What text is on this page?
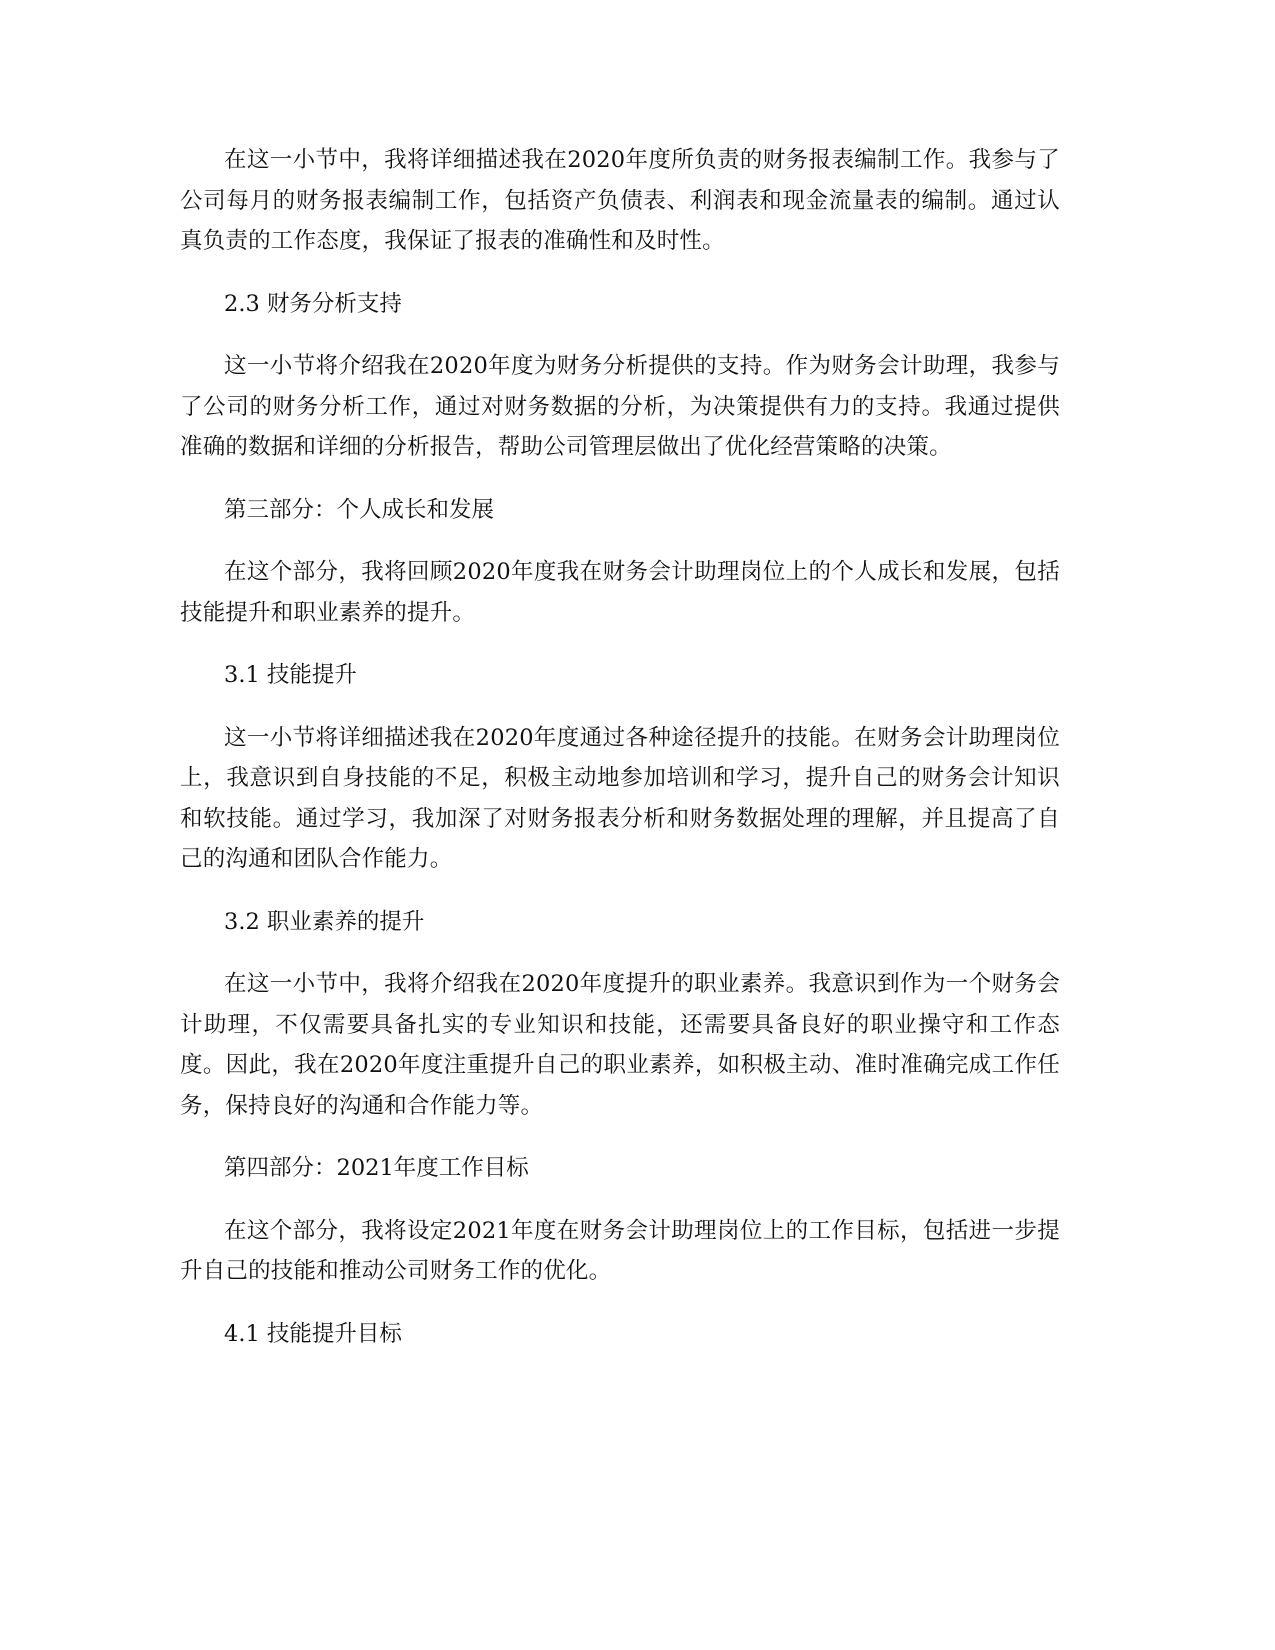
在这一小节中，我将详细描述我在2020年度所负责的财务报表编制工作。我参与了公司每月的财务报表编制工作，包括资产负债表、利润表和现金流量表的编制。通过认真负责的工作态度，我保证了报表的准确性和及时性。

2.3 财务分析支持

这一小节将介绍我在2020年度为财务分析提供的支持。作为财务会计助理，我参与了公司的财务分析工作，通过对财务数据的分析，为决策提供有力的支持。我通过提供准确的数据和详细的分析报告，帮助公司管理层做出了优化经营策略的决策。

第三部分：个人成长和发展

在这个部分，我将回顾2020年度我在财务会计助理岗位上的个人成长和发展，包括技能提升和职业素养的提升。

3.1 技能提升

这一小节将详细描述我在2020年度通过各种途径提升的技能。在财务会计助理岗位上，我意识到自身技能的不足，积极主动地参加培训和学习，提升自己的财务会计知识和软技能。通过学习，我加深了对财务报表分析和财务数据处理的理解，并且提高了自己的沟通和团队合作能力。

3.2 职业素养的提升

在这一小节中，我将介绍我在2020年度提升的职业素养。我意识到作为一个财务会计助理，不仅需要具备扎实的专业知识和技能，还需要具备良好的职业操守和工作态度。因此，我在2020年度注重提升自己的职业素养，如积极主动、准时准确完成工作任务，保持良好的沟通和合作能力等。

第四部分：2021年度工作目标

在这个部分，我将设定2021年度在财务会计助理岗位上的工作目标，包括进一步提升自己的技能和推动公司财务工作的优化。

4.1 技能提升目标
